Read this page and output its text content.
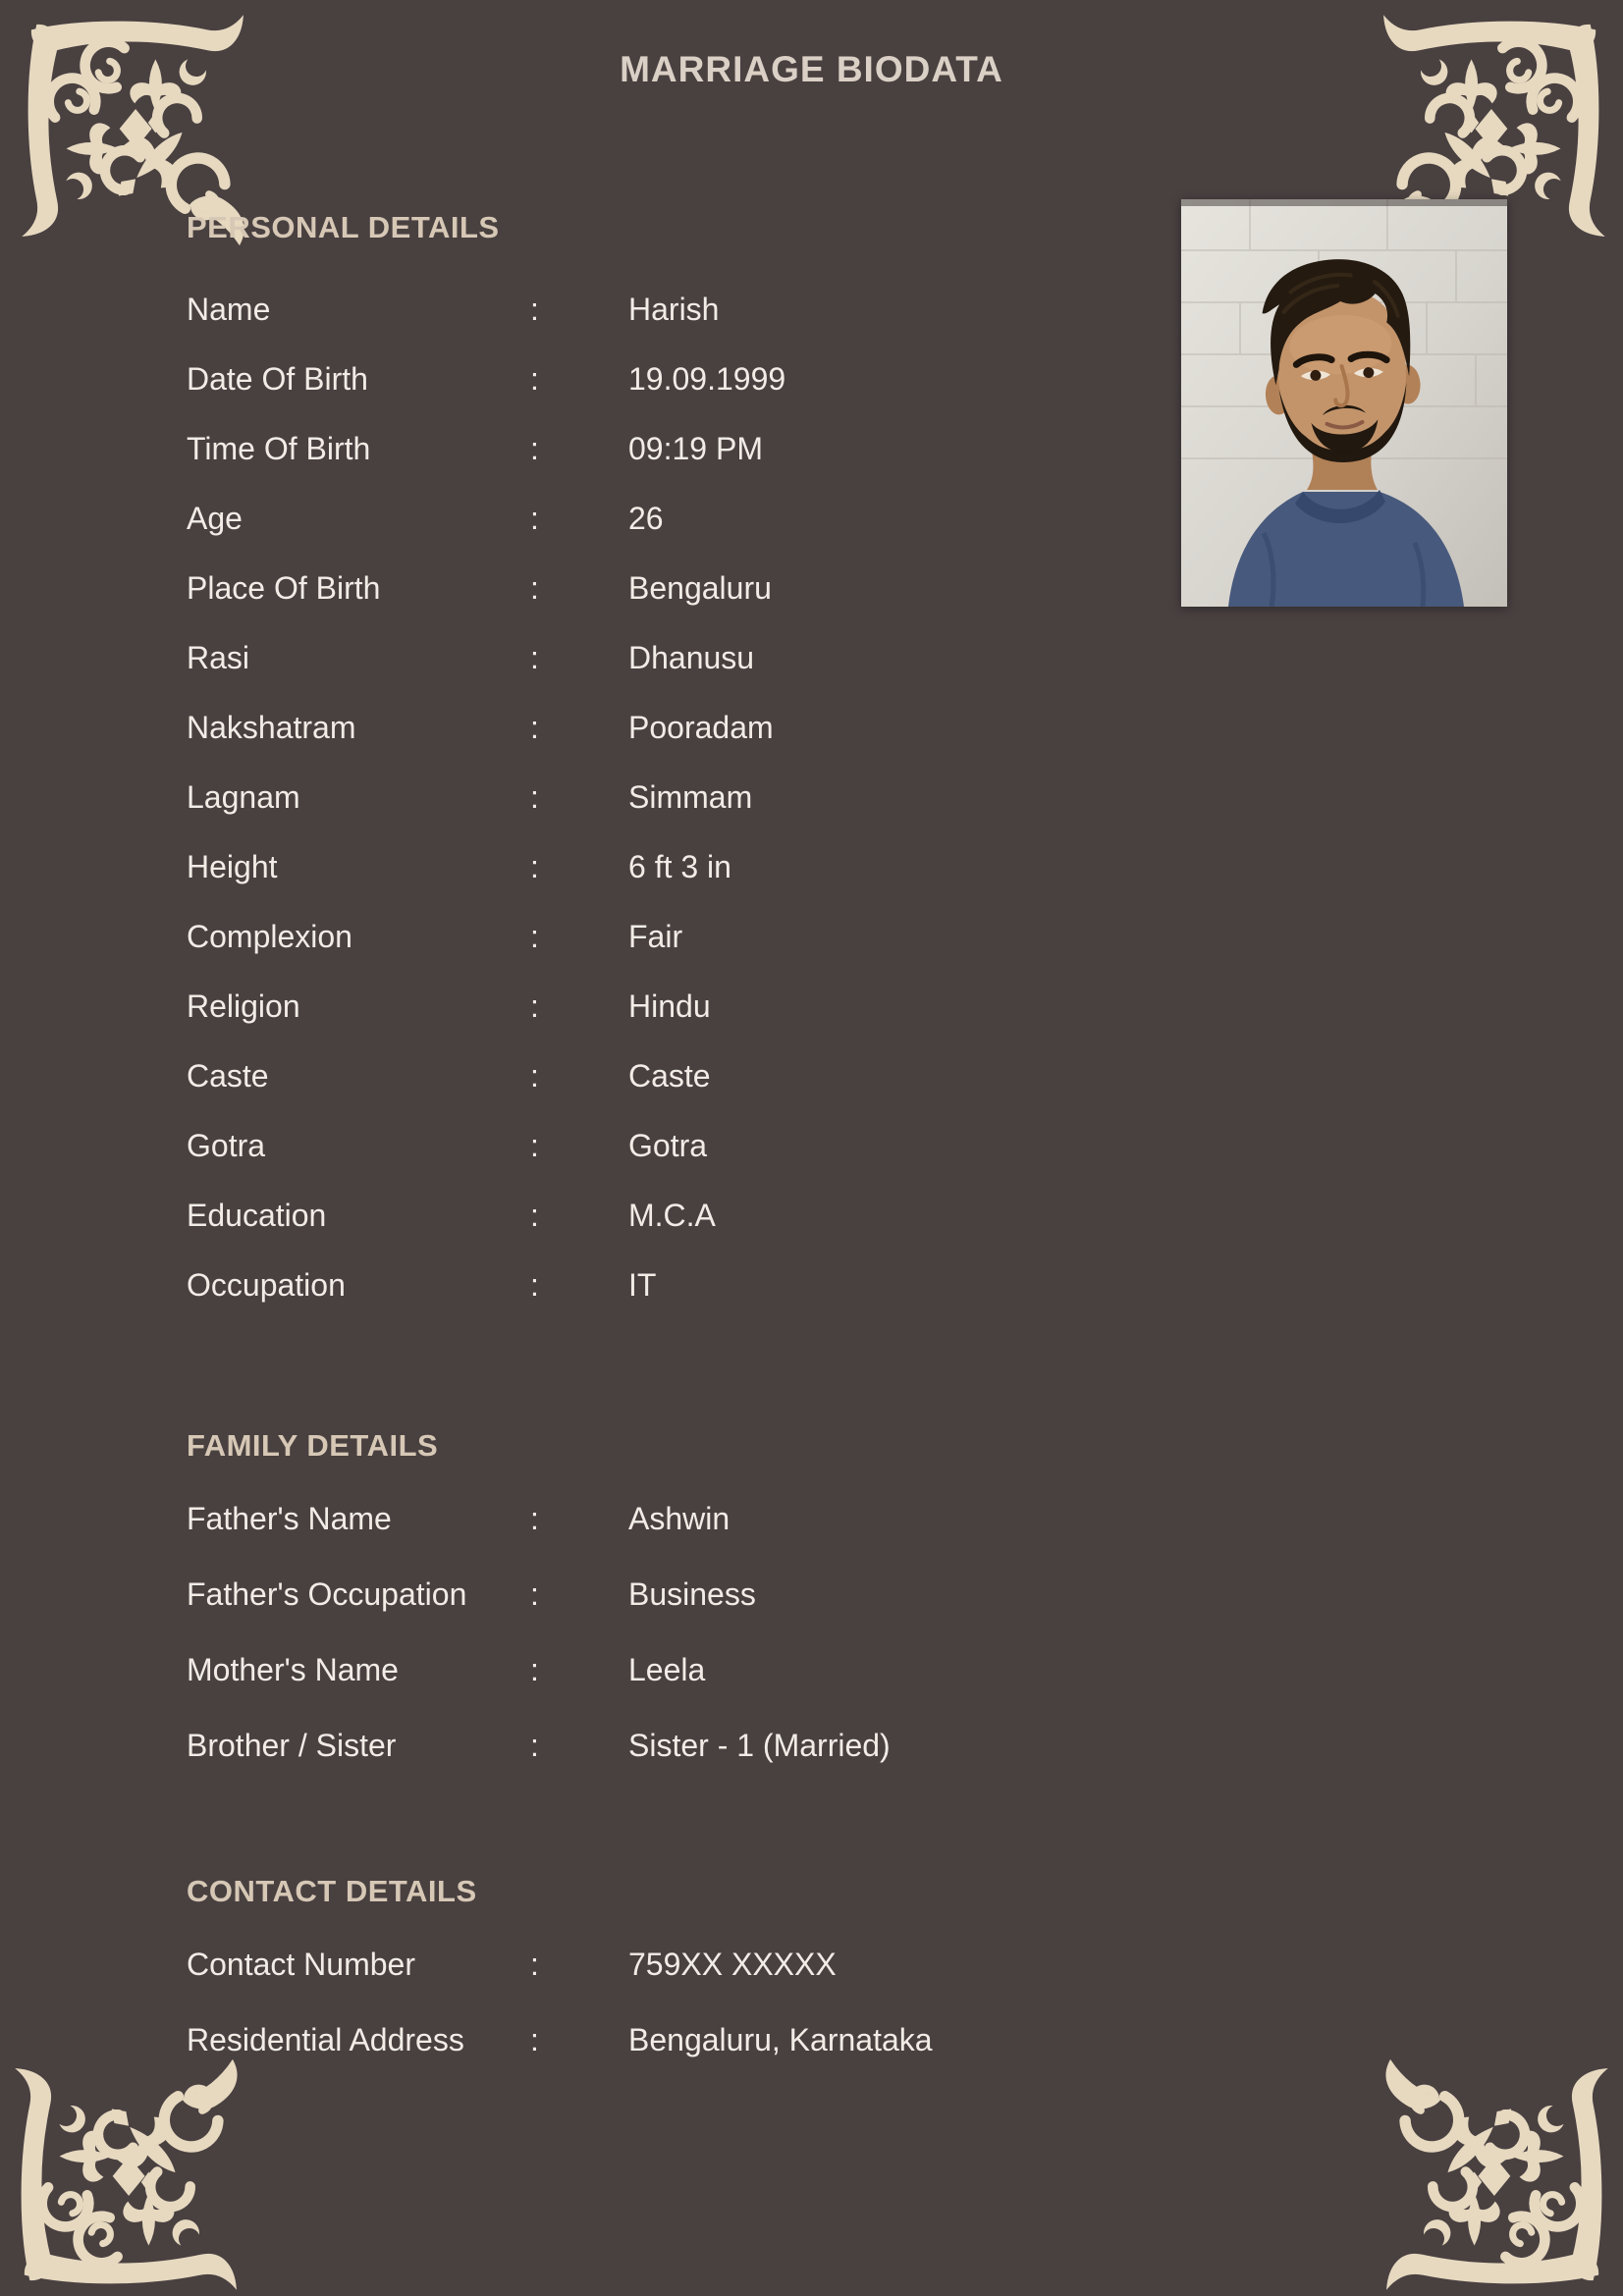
MARRIAGE BIODATA
PERSONAL DETAILS
Name	:	Harish
Date Of Birth	:	19.09.1999
Time Of Birth	:	09:19 PM
Age	:	26
Place Of Birth	:	Bengaluru
Rasi	:	Dhanusu
Nakshatram	:	Pooradam
Lagnam	:	Simmam
Height	:	6 ft 3 in
Complexion	:	Fair
Religion	:	Hindu
Caste	:	Caste
Gotra	:	Gotra
Education	:	M.C.A
Occupation	:	IT
FAMILY DETAILS
Father's Name	:	Ashwin
Father's Occupation	:	Business
Mother's Name	:	Leela
Brother / Sister	:	Sister - 1 (Married)
CONTACT DETAILS
Contact Number	:	759XX XXXXX
Residential Address	:	Bengaluru, Karnataka
